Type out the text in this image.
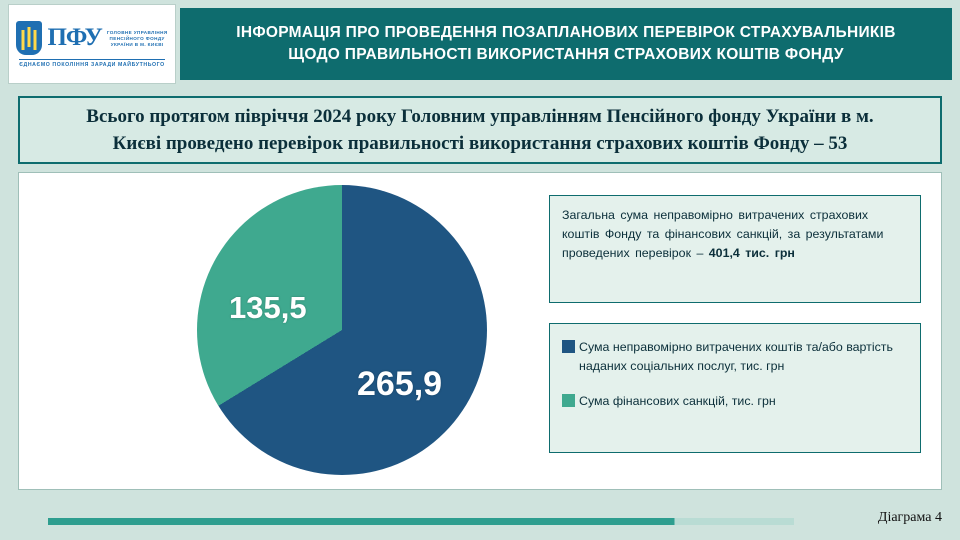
ПФУ ГОЛОВНЕ УПРАВЛІННЯ
ПЕНСІЙНОГО ФОНДУ
УКРАЇНИ В М. КИЄВІ
ЄДНАЄМО ПОКОЛІННЯ ЗАРАДИ МАЙБУТНЬОГО
ІНФОРМАЦІЯ ПРО ПРОВЕДЕННЯ ПОЗАПЛАНОВИХ ПЕРЕВІРОК СТРАХУВАЛЬНИКІВ
ЩОДО ПРАВИЛЬНОСТІ ВИКОРИСТАННЯ СТРАХОВИХ КОШТІВ ФОНДУ
Всього протягом півріччя 2024 року Головним управлінням Пенсійного фонду України в м.
Києві проведено перевірок правильності використання страхових коштів Фонду – 53
265,9
135,5

Загальна сума неправомірно витрачених страхових коштів Фонду та фінансових санкцій, за результатами проведених перевірок – 401,4 тис. грн

Сума неправомірно витрачених коштів та/або вартість наданих соціальних послуг, тис. грн
Сума фінансових санкцій, тис. грн
Діаграма 4
